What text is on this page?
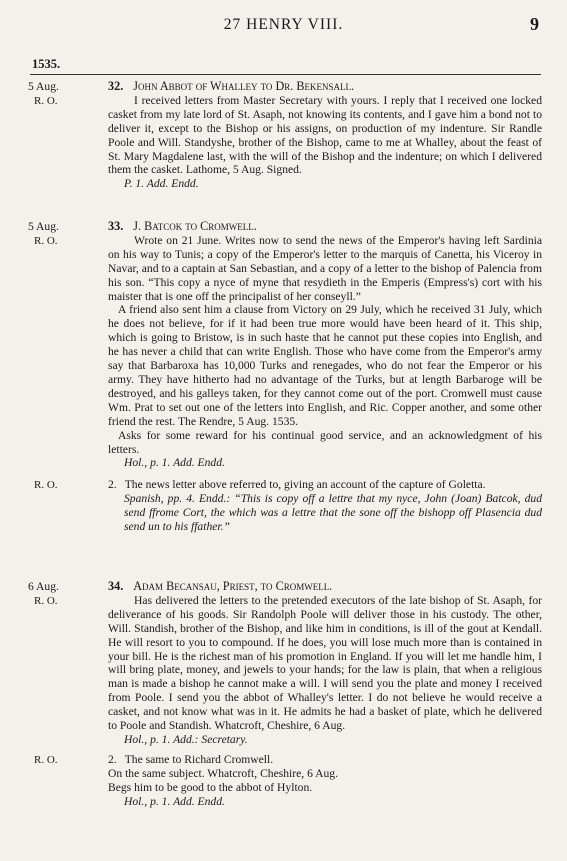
27 HENRY VIII.	9
1535.
5 Aug.	32. John Abbot of Whalley to Dr. Bekensall.
R. O.	I received letters from Master Secretary with yours. I reply that I received one locked casket from my late lord of St. Asaph, not knowing its contents, and I gave him a bond not to deliver it, except to the Bishop or his assigns, on production of my indenture. Sir Randle Poole and Will. Standyshe, brother of the Bishop, came to me at Whalley, about the feast of St. Mary Magdalene last, with the will of the Bishop and the indenture; on which I delivered them the casket. Lathome, 5 Aug. Signed.

P. 1. Add. Endd.

5 Aug.	33. J. Batcok to Cromwell.
R. O.	Wrote on 21 June. Writes now to send the news of the Emperor's having left Sardinia on his way to Tunis; a copy of the Emperor's letter to the marquis of Canetta, his Viceroy in Navar, and to a captain at San Sebastian, and a copy of a letter to the bishop of Palencia from his son. “This copy a nyce of myne that resydieth in the Emperis (Empress's) cort with his maister that is one off the principalist of her conseyll.”

A friend also sent him a clause from Victory on 29 July, which he received 31 July, which he does not believe, for if it had been true more would have been heard of it. This ship, which is going to Bristow, is in such haste that he cannot put these copies into English, and he has never a child that can write English. Those who have come from the Emperor's army say that Barbaroxa has 10,000 Turks and renegades, who do not fear the Emperor or his army. They have hitherto had no advantage of the Turks, but at length Barbaroge will be destroyed, and his galleys taken, for they cannot come out of the port. Cromwell must cause Wm. Prat to set out one of the letters into English, and Ric. Copper another, and some other friend the rest. The Rendre, 5 Aug. 1535.

Asks for some reward for his continual good service, and an acknowledgment of his letters.

Hol., p. 1. Add. Endd.

R. O.	2. The news letter above referred to, giving an account of the capture of Goletta.

Spanish, pp. 4. Endd.: “This is copy off a lettre that my nyce, John (Joan) Batcok, dud send ffrome Cort, the which was a lettre that the sone off the bishopp off Plasencia dud send un to his ffather.”

6 Aug.	34. Adam Becansau, Priest, to Cromwell.
R. O.	Has delivered the letters to the pretended executors of the late bishop of St. Asaph, for deliverance of his goods. Sir Randolph Poole will deliver those in his custody. The other, Will. Standish, brother of the Bishop, and like him in conditions, is ill of the gout at Kendall. He will resort to you to compound. If he does, you will lose much more than is contained in your bill. He is the richest man of his promotion in England. If you will let me handle him, I will bring plate, money, and jewels to your hands; for the law is plain, that when a religious man is made a bishop he cannot make a will. I will send you the plate and money I received from Poole. I send you the abbot of Whalley's letter. I do not believe he would receive a casket, and not know what was in it. He admits he had a basket of plate, which he delivered to Poole and Standish. Whatcroft, Cheshire, 6 Aug.

Hol., p. 1. Add.: Secretary.

R. O.	2. The same to Richard Cromwell.

On the same subject. Whatcroft, Cheshire, 6 Aug.

Begs him to be good to the abbot of Hylton.

Hol., p. 1. Add. Endd.
